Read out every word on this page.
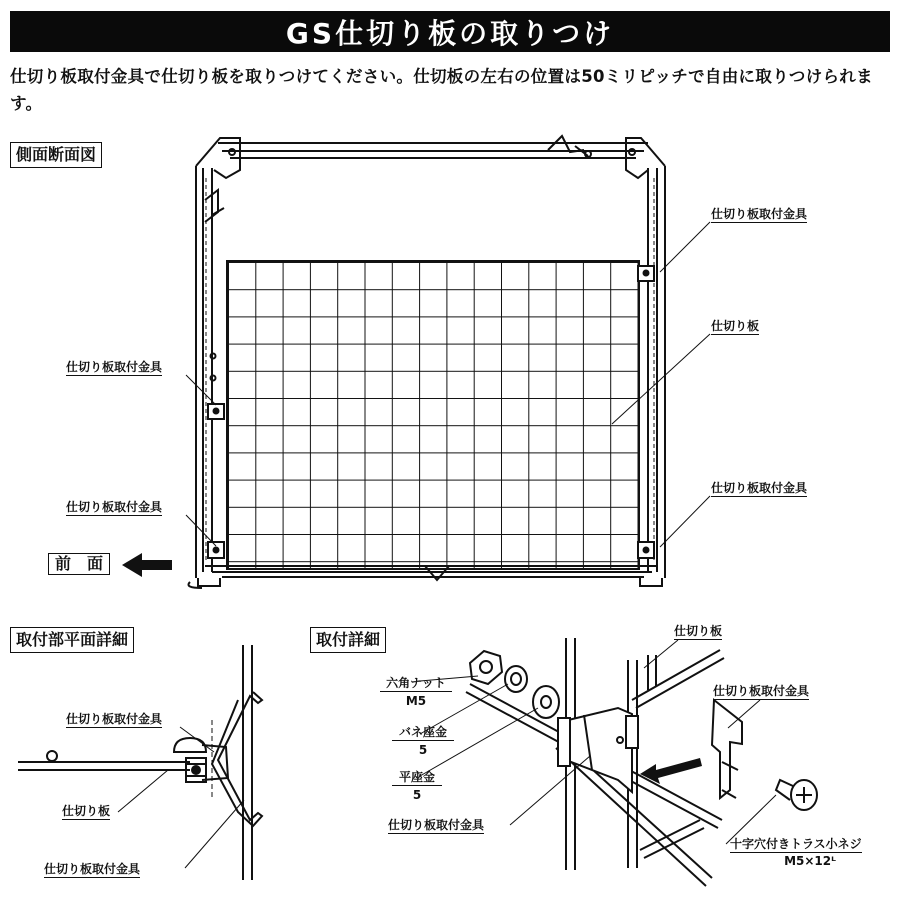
GS仕切り板の取りつけ
仕切り板取付金具で仕切り板を取りつけてください。仕切板の左右の位置は50ミリピッチで自由に取りつけられます。
側面断面図
仕切り板取付金具
仕切り板
仕切り板取付金具
仕切り板取付金具
仕切り板取付金具
前　面
取付部平面詳細
仕切り板取付金具
仕切り板
仕切り板取付金具
取付詳細	仕切り板
仕切り板取付金具
六角ナット
M5
バネ座金
5
平座金
5
仕切り板取付金具
十字穴付きトラス小ネジ
M5×12ᴸ
